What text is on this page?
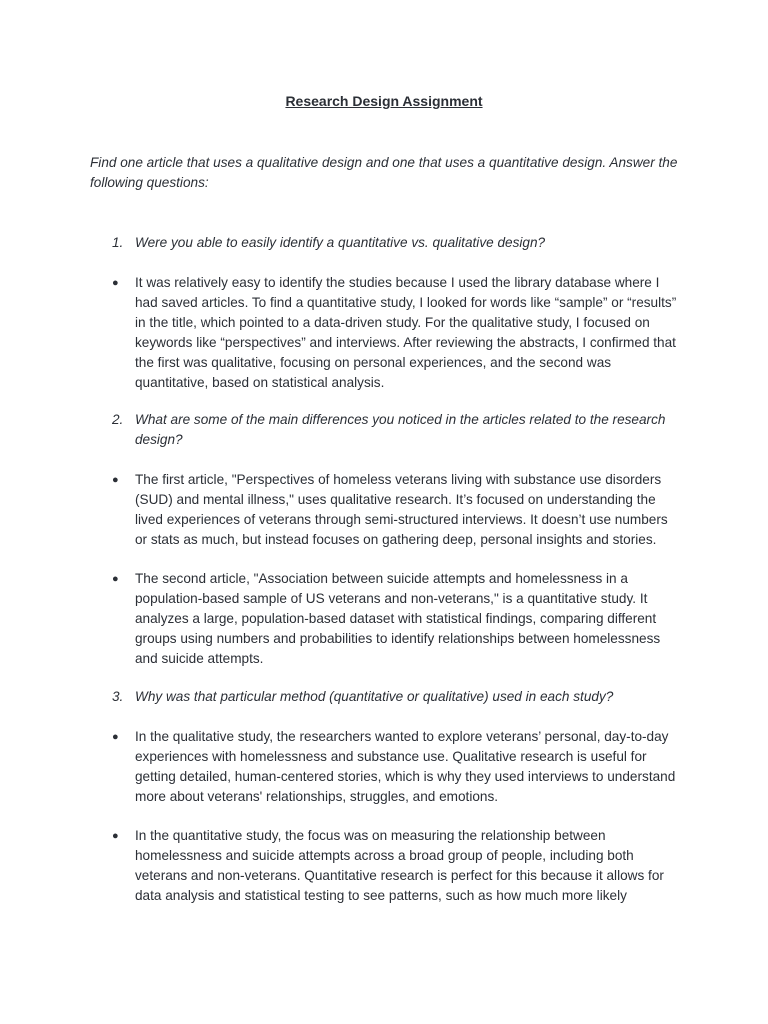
Research Design Assignment

Find one article that uses a qualitative design and one that uses a quantitative design. Answer the following questions:

1. Were you able to easily identify a quantitative vs. qualitative design?
●	It was relatively easy to identify the studies because I used the library database where I had saved articles. To find a quantitative study, I looked for words like “sample” or “results” in the title, which pointed to a data-driven study. For the qualitative study, I focused on keywords like “perspectives” and interviews. After reviewing the abstracts, I confirmed that the first was qualitative, focusing on personal experiences, and the second was quantitative, based on statistical analysis.
2. What are some of the main differences you noticed in the articles related to the research design?
●	The first article, "Perspectives of homeless veterans living with substance use disorders (SUD) and mental illness," uses qualitative research. It’s focused on understanding the lived experiences of veterans through semi-structured interviews. It doesn’t use numbers or stats as much, but instead focuses on gathering deep, personal insights and stories.
●	The second article, "Association between suicide attempts and homelessness in a population-based sample of US veterans and non-veterans," is a quantitative study. It analyzes a large, population-based dataset with statistical findings, comparing different groups using numbers and probabilities to identify relationships between homelessness and suicide attempts.
3. Why was that particular method (quantitative or qualitative) used in each study?
●	In the qualitative study, the researchers wanted to explore veterans’ personal, day-to-day experiences with homelessness and substance use. Qualitative research is useful for getting detailed, human-centered stories, which is why they used interviews to understand more about veterans' relationships, struggles, and emotions.
●	In the quantitative study, the focus was on measuring the relationship between homelessness and suicide attempts across a broad group of people, including both veterans and non-veterans. Quantitative research is perfect for this because it allows for data analysis and statistical testing to see patterns, such as how much more likely
